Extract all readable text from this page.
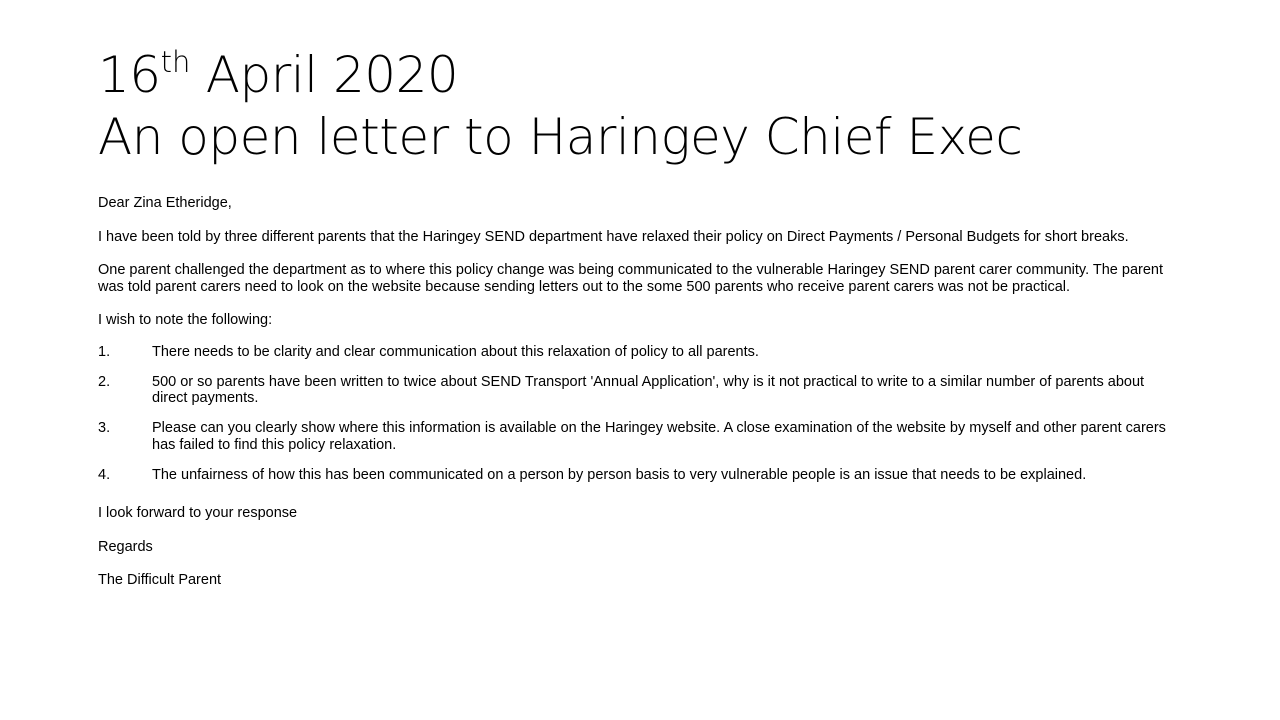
16th April 2020
An open letter to Haringey Chief Exec

Dear Zina Etheridge,

I have been told by three different parents that the Haringey SEND department have relaxed their policy on Direct Payments / Personal Budgets for short breaks.

One parent challenged the department as to where this policy change was being communicated to the vulnerable Haringey SEND parent carer community. The parent was told parent carers need to look on the website because sending letters out to the some 500 parents who receive parent carers was not be practical.

I wish to note the following:

1.	There needs to be clarity and clear communication about this relaxation of policy to all parents.
2.	500 or so parents have been written to twice about SEND Transport 'Annual Application', why is it not practical to write to a similar number of parents about direct payments.
3.	Please can you clearly show where this information is available on the Haringey website. A close examination of the website by myself and other parent carers has failed to find this policy relaxation.
4.	The unfairness of how this has been communicated on a person by person basis to very vulnerable people is an issue that needs to be explained.

I look forward to your response

Regards

The Difficult Parent
